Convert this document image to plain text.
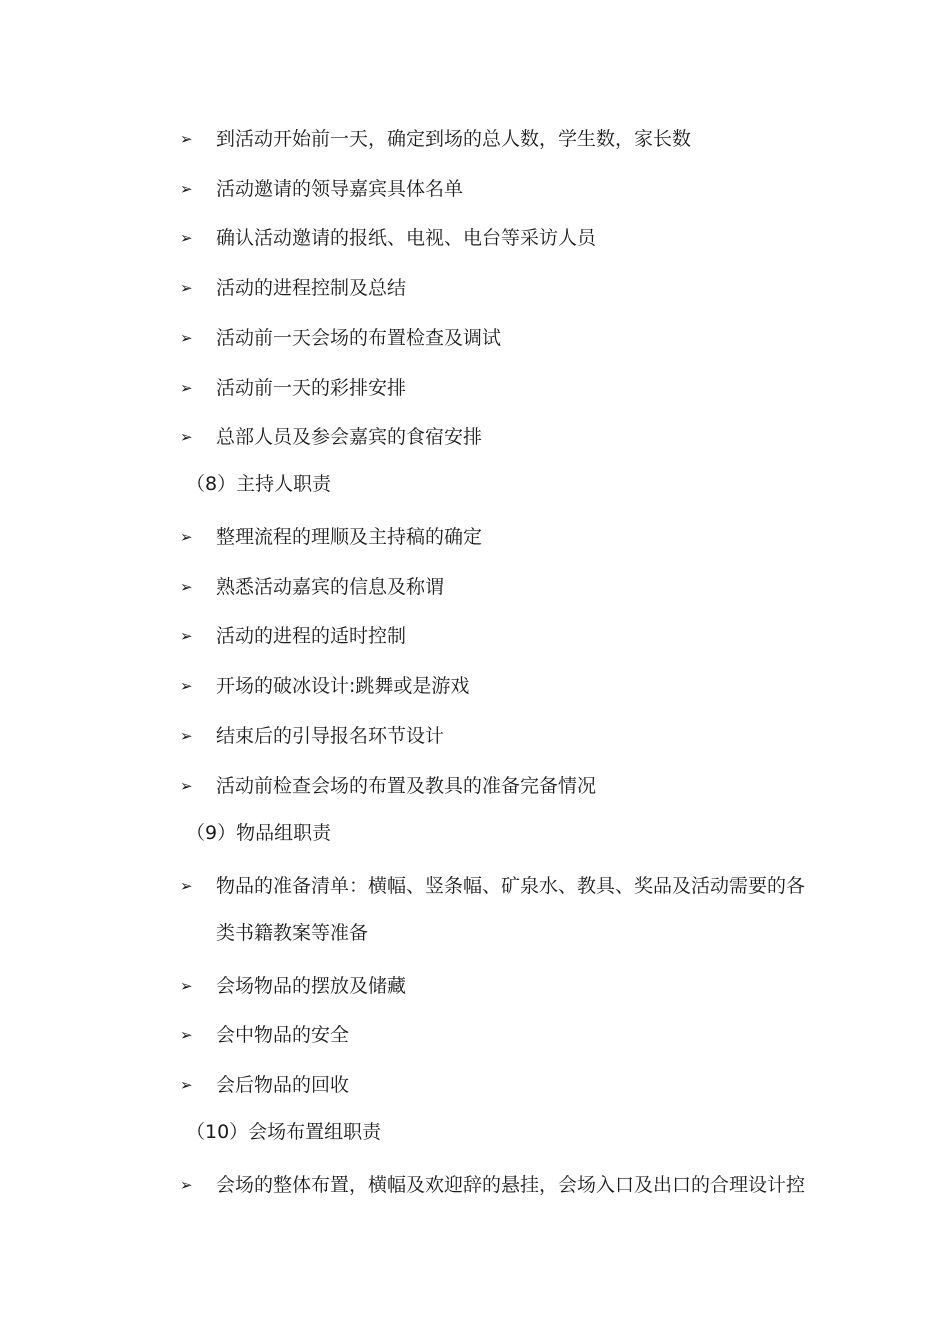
➢ 到活动开始前一天，确定到场的总人数，学生数，家长数
➢ 活动邀请的领导嘉宾具体名单
➢ 确认活动邀请的报纸、电视、电台等采访人员
➢ 活动的进程控制及总结
➢ 活动前一天会场的布置检查及调试
➢ 活动前一天的彩排安排
➢ 总部人员及参会嘉宾的食宿安排
（8）主持人职责
➢ 整理流程的理顺及主持稿的确定
➢ 熟悉活动嘉宾的信息及称谓
➢ 活动的进程的适时控制
➢ 开场的破冰设计:跳舞或是游戏
➢ 结束后的引导报名环节设计
➢ 活动前检查会场的布置及教具的准备完备情况
（9）物品组职责
➢ 物品的准备清单：横幅、竖条幅、矿泉水、教具、奖品及活动需要的各类书籍教案等准备
➢ 会场物品的摆放及储藏
➢ 会中物品的安全
➢ 会后物品的回收
（10）会场布置组职责
➢ 会场的整体布置，横幅及欢迎辞的悬挂，会场入口及出口的合理设计控
